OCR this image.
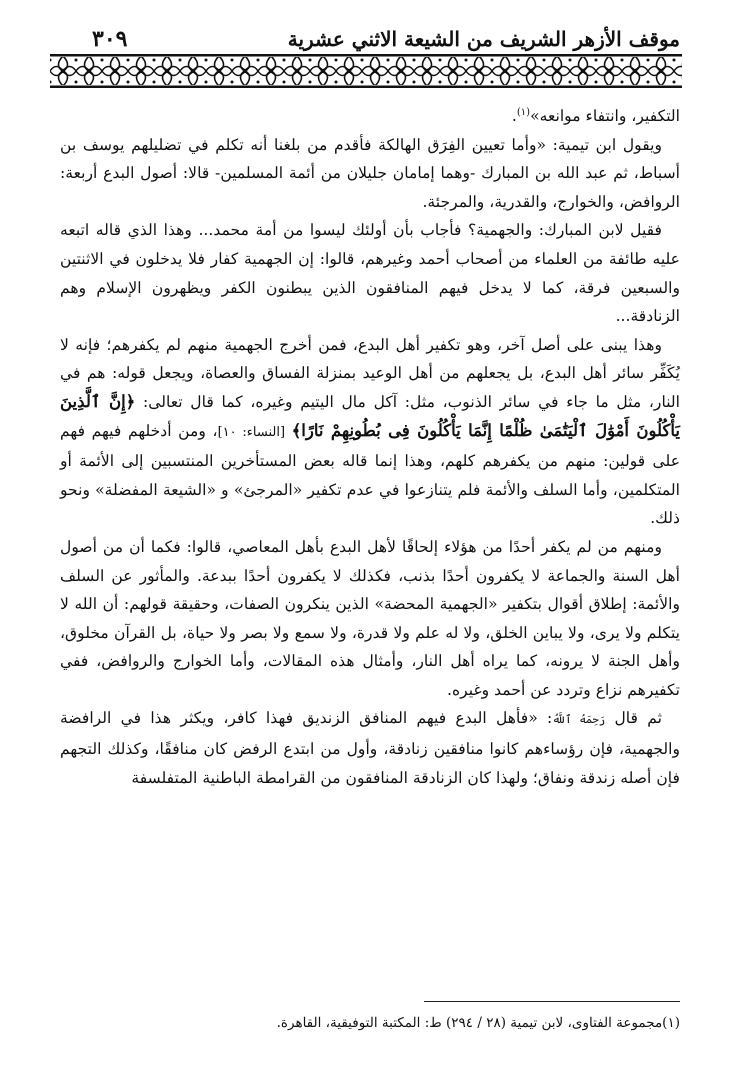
موقف الأزهر الشريف من الشيعة الاثني عشرية
٣٠٩

التكفير، وانتفاء موانعه»$^{(١)}$.

ويقول ابن تيمية: «وأما تعيين الفِرَق الهالكة فأقدم من بلغنا أنه تكلم في تضليلهم يوسف بن أسباط، ثم عبد الله بن المبارك -وهما إمامان جليلان من أئمة المسلمين- قالا: أصول البدع أربعة: الروافض، والخوارج، والقدرية، والمرجئة.

فقيل لابن المبارك: والجهمية؟ فأجاب بأن أولئك ليسوا من أمة محمد... وهذا الذي قاله اتبعه عليه طائفة من العلماء من أصحاب أحمد وغيرهم، قالوا: إن الجهمية كفار فلا يدخلون في الاثنتين والسبعين فرقة، كما لا يدخل فيهم المنافقون الذين يبطنون الكفر ويظهرون الإسلام وهم الزنادقة...

وهذا يبنى على أصل آخر، وهو تكفير أهل البدع، فمن أخرج الجهمية منهم لم يكفرهم؛ فإنه لا يُكَفِّر سائر أهل البدع، بل يجعلهم من أهل الوعيد بمنزلة الفساق والعصاة، ويجعل قوله: هم في النار، مثل ما جاء في سائر الذنوب، مثل: آكل مال اليتيم وغيره، كما قال تعالى: ﴿إِنَّ ٱلَّذِينَ يَأْكُلُونَ أَمْوَٰلَ ٱلْيَتَٰمَىٰ ظُلْمًا إِنَّمَا يَأْكُلُونَ فِى بُطُونِهِمْ نَارًا﴾ [النساء: ١٠]، ومن أدخلهم فيهم فهم على قولين: منهم من يكفرهم كلهم، وهذا إنما قاله بعض المستأخرين المنتسبين إلى الأئمة أو المتكلمين، وأما السلف والأئمة فلم يتنازعوا في عدم تكفير «المرجئ» و «الشيعة المفضلة» ونحو ذلك.

ومنهم من لم يكفر أحدًا من هؤلاء إلحاقًا لأهل البدع بأهل المعاصي، قالوا: فكما أن من أصول أهل السنة والجماعة لا يكفرون أحدًا بذنب، فكذلك لا يكفرون أحدًا ببدعة. والمأثور عن السلف والأئمة: إطلاق أقوال بتكفير «الجهمية المحضة» الذين ينكرون الصفات، وحقيقة قولهم: أن الله لا يتكلم ولا يرى، ولا يباين الخلق، ولا له علم ولا قدرة، ولا سمع ولا بصر ولا حياة، بل القرآن مخلوق، وأهل الجنة لا يرونه، كما يراه أهل النار، وأمثال هذه المقالات، وأما الخوارج والروافض، ففي تكفيرهم نزاع وتردد عن أحمد وغيره.

ثم قال رَحِمَهُ ٱللَّهُ: «فأهل البدع فيهم المنافق الزنديق فهذا كافر، ويكثر هذا في الرافضة والجهمية، فإن رؤساءهم كانوا منافقين زنادقة، وأول من ابتدع الرفض كان منافقًا، وكذلك التجهم فإن أصله زندقة ونفاق؛ ولهذا كان الزنادقة المنافقون من القرامطة الباطنية المتفلسفة

(١)مجموعة الفتاوى، لابن تيمية (٢٨ / ٢٩٤) ط: المكتبة التوفيقية، القاهرة.
